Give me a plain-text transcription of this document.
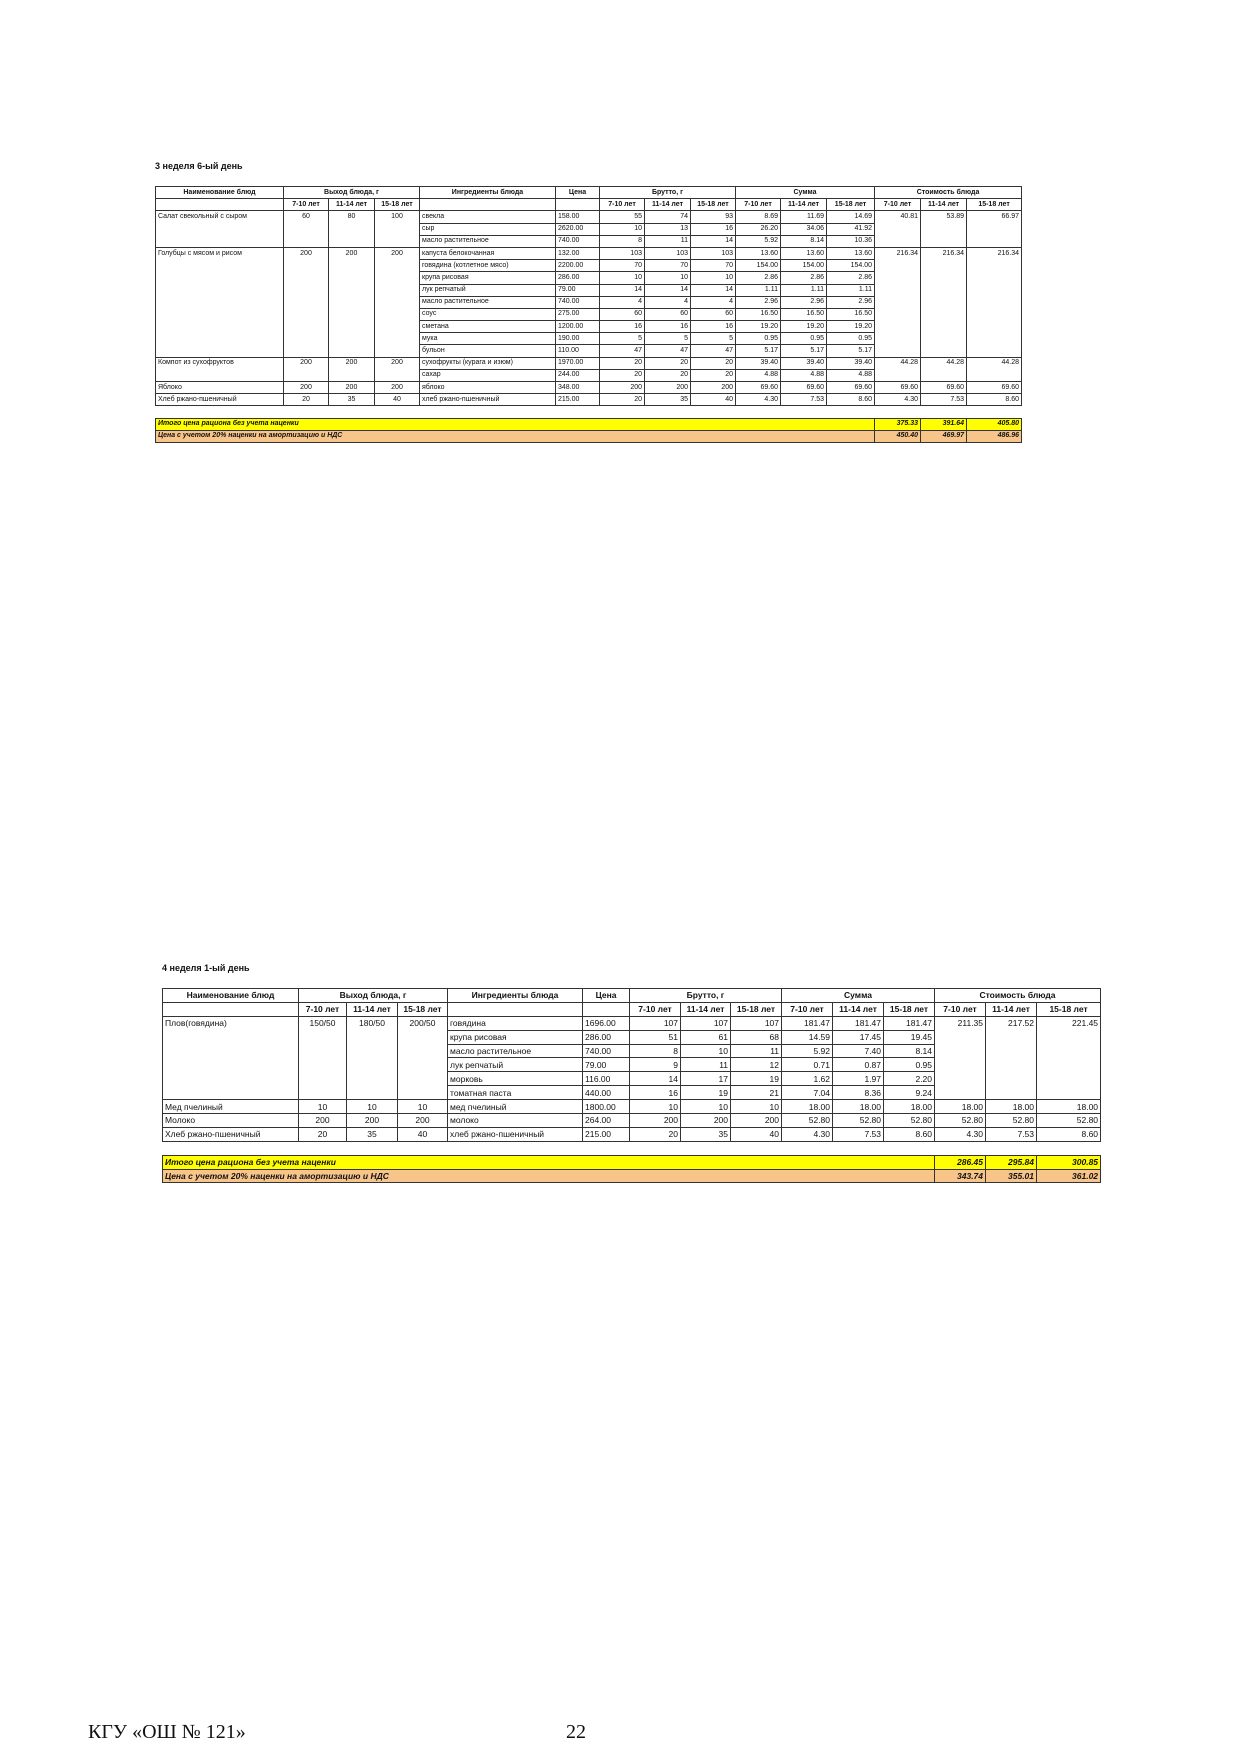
3 неделя 6-ый день
Наименование блюд	Выход блюда, г			Ингредиенты блюда	Цена	Брутто, г			Сумма			Стоимость блюда		
	7-10 лет	11-14 лет	15-18 лет			7-10 лет	11-14 лет	15-18 лет	7-10 лет	11-14 лет	15-18 лет	7-10 лет	11-14 лет	15-18 лет
Салат свекольный с сыром	60	80	100	свекла	158.00	55	74	93	8.69	11.69	14.69	40.81	53.89	66.97
				сыр	2620.00	10	13	16	26.20	34.06	41.92			
				масло растительное	740.00	8	11	14	5.92	8.14	10.36			
Голубцы с мясом и рисом	200	200	200	капуста белокочанная	132.00	103	103	103	13.60	13.60	13.60	216.34	216.34	216.34
				говядина (котлетное мясо)	2200.00	70	70	70	154.00	154.00	154.00			
				крупа рисовая	286.00	10	10	10	2.86	2.86	2.86			
				лук репчатый	79.00	14	14	14	1.11	1.11	1.11			
				масло растительное	740.00	4	4	4	2.96	2.96	2.96			
				соус	275.00	60	60	60	16.50	16.50	16.50			
				сметана	1200.00	16	16	16	19.20	19.20	19.20			
				мука	190.00	5	5	5	0.95	0.95	0.95			
				бульон	110.00	47	47	47	5.17	5.17	5.17			
Компот из сухофруктов	200	200	200	сухофрукты (курага и изюм)	1970.00	20	20	20	39.40	39.40	39.40	44.28	44.28	44.28
				сахар	244.00	20	20	20	4.88	4.88	4.88			
Яблоко	200	200	200	яблоко	348.00	200	200	200	69.60	69.60	69.60	69.60	69.60	69.60
Хлеб ржано-пшеничный	20	35	40	хлеб ржано-пшеничный	215.00	20	35	40	4.30	7.53	8.60	4.30	7.53	8.60

Итого цена рациона без учета наценки												375.33	391.64	405.80
Цена с учетом 20% наценки на амортизацию и НДС												450.40	469.97	486.96
4 неделя 1-ый день
Наименование блюд	Выход блюда, г			Ингредиенты блюда	Цена	Брутто, г			Сумма			Стоимость блюда		
	7-10 лет	11-14 лет	15-18 лет			7-10 лет	11-14 лет	15-18 лет	7-10 лет	11-14 лет	15-18 лет	7-10 лет	11-14 лет	15-18 лет
Плов(говядина)	150/50	180/50	200/50	говядина	1696.00	107	107	107	181.47	181.47	181.47	211.35	217.52	221.45
				крупа рисовая	286.00	51	61	68	14.59	17.45	19.45			
				масло растительное	740.00	8	10	11	5.92	7.40	8.14			
				лук репчатый	79.00	9	11	12	0.71	0.87	0.95			
				морковь	116.00	14	17	19	1.62	1.97	2.20			
				томатная паста	440.00	16	19	21	7.04	8.36	9.24			
Мед пчелиный	10	10	10	мед пчелиный	1800.00	10	10	10	18.00	18.00	18.00	18.00	18.00	18.00
Молоко	200	200	200	молоко	264.00	200	200	200	52.80	52.80	52.80	52.80	52.80	52.80
Хлеб ржано-пшеничный	20	35	40	хлеб ржано-пшеничный	215.00	20	35	40	4.30	7.53	8.60	4.30	7.53	8.60

Итого цена рациона без учета наценки												286.45	295.84	300.85
Цена с учетом 20% наценки на амортизацию и НДС												343.74	355.01	361.02
КГУ «ОШ № 121»	22
